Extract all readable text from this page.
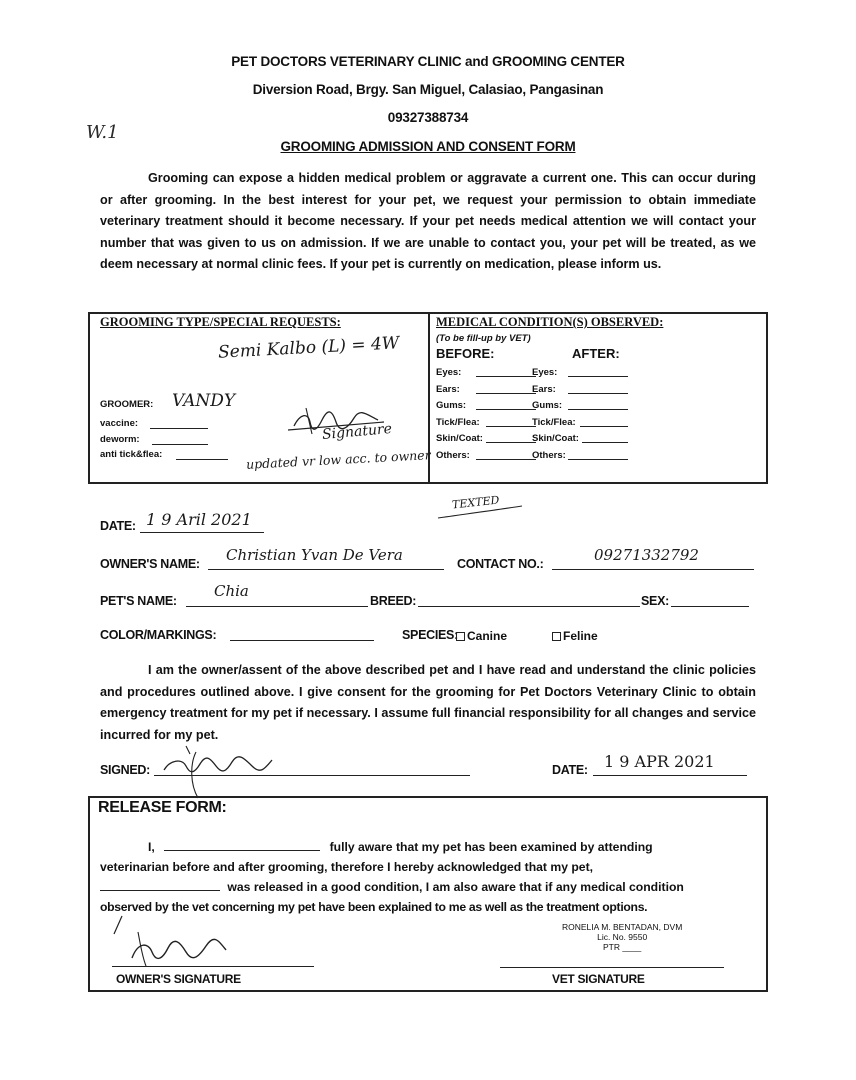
PET DOCTORS VETERINARY CLINIC and GROOMING CENTER
Diversion Road, Brgy. San Miguel, Calasiao, Pangasinan
09327388734
GROOMING ADMISSION AND CONSENT FORM
W.1
Grooming can expose a hidden medical problem or aggravate a current one. This can occur during or after grooming. In the best interest for your pet, we request your permission to obtain immediate veterinary treatment should it become necessary. If your pet needs medical attention we will contact your number that was given to us on admission. If we are unable to contact you, your pet will be treated, as we deem necessary at normal clinic fees. If your pet is currently on medication, please inform us.
GROOMING TYPE/SPECIAL REQUESTS:
Semi Kalbo (L) = 4W
GROOMER: VANDY
vaccine:
deworm:
anti tick&flea:
Signature
updated vr low acc. to owner
MEDICAL CONDITION(S) OBSERVED:
(To be fill-up by VET)
BEFORE:	AFTER:
Eyes:	Eyes:
Ears:	Ears:
Gums:	Gums:
Tick/Flea:	Tick/Flea:
Skin/Coat:	Skin/Coat:
Others:	Others:
TEXTED
DATE: 1 9 Aril 2021
OWNER'S NAME: Christian Yvan De Vera	CONTACT NO.:	09271332792
PET'S NAME:
Chia
BREED:	SEX:
COLOR/MARKINGS:	SPECIES: Canine	Feline
I am the owner/assent of the above described pet and I have read and understand the clinic policies and procedures outlined above. I give consent for the grooming for Pet Doctors Veterinary Clinic to obtain emergency treatment for my pet if necessary. I assume full financial responsibility for all changes and service incurred for my pet.
SIGNED:	DATE: 1 9 APR 2021
RELEASE FORM:
I,	fully aware that my pet has been examined by attending
veterinarian before and after grooming, therefore I hereby acknowledged that my pet,
was released in a good condition, I am also aware that if any medical condition
observed by the vet concerning my pet have been explained to me as well as the treatment options.
RONELIA M. BENTADAN, DVM
Lic. No. 9550
PTR ____
OWNER'S SIGNATURE	VET SIGNATURE
